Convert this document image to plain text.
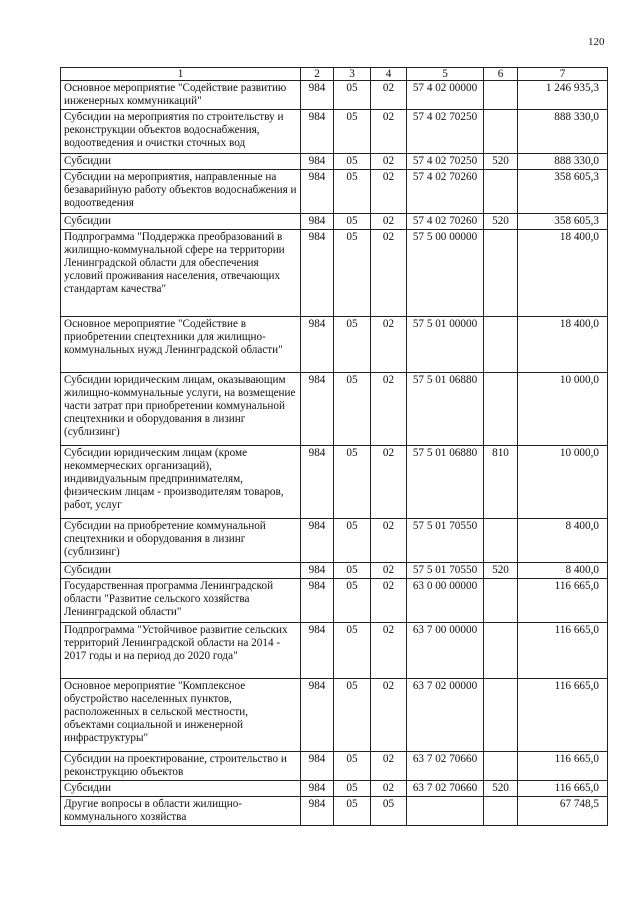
120
1	2	3	4	5	6	7
Основное мероприятие "Содействие развитию инженерных коммуникаций"	984	05	02	57 4 02 00000		1 246 935,3
Субсидии на мероприятия по строительству и реконструкции объектов водоснабжения, водоотведения и очистки сточных вод	984	05	02	57 4 02 70250		888 330,0
Субсидии	984	05	02	57 4 02 70250	520	888 330,0
Субсидии на мероприятия, направленные на безаварийную работу объектов водоснабжения и водоотведения	984	05	02	57 4 02 70260		358 605,3
Субсидии	984	05	02	57 4 02 70260	520	358 605,3
Подпрограмма "Поддержка преобразований в жилищно-коммунальной сфере на территории Ленинградской области для обеспечения условий проживания населения, отвечающих стандартам качества"	984	05	02	57 5 00 00000		18 400,0
Основное мероприятие "Содействие в приобретении спецтехники для жилищно-коммунальных нужд Ленинградской области"	984	05	02	57 5 01 00000		18 400,0
Субсидии юридическим лицам, оказывающим жилищно-коммунальные услуги, на возмещение части затрат при приобретении коммунальной спецтехники и оборудования в лизинг (сублизинг)	984	05	02	57 5 01 06880		10 000,0
Субсидии юридическим лицам (кроме некоммерческих организаций), индивидуальным предпринимателям, физическим лицам - производителям товаров, работ, услуг	984	05	02	57 5 01 06880	810	10 000,0
Субсидии на приобретение коммунальной спецтехники и оборудования в лизинг (сублизинг)	984	05	02	57 5 01 70550		8 400,0
Субсидии	984	05	02	57 5 01 70550	520	8 400,0
Государственная программа Ленинградской области "Развитие сельского хозяйства Ленинградской области"	984	05	02	63 0 00 00000		116 665,0
Подпрограмма "Устойчивое развитие сельских территорий Ленинградской области на 2014 - 2017 годы и на период до 2020 года"	984	05	02	63 7 00 00000		116 665,0
Основное мероприятие "Комплексное обустройство населенных пунктов, расположенных в сельской местности, объектами социальной и инженерной инфраструктуры"	984	05	02	63 7 02 00000		116 665,0
Субсидии на проектирование, строительство и реконструкцию объектов	984	05	02	63 7 02 70660		116 665,0
Субсидии	984	05	02	63 7 02 70660	520	116 665,0
Другие вопросы в области жилищно-коммунального хозяйства	984	05	05			67 748,5
